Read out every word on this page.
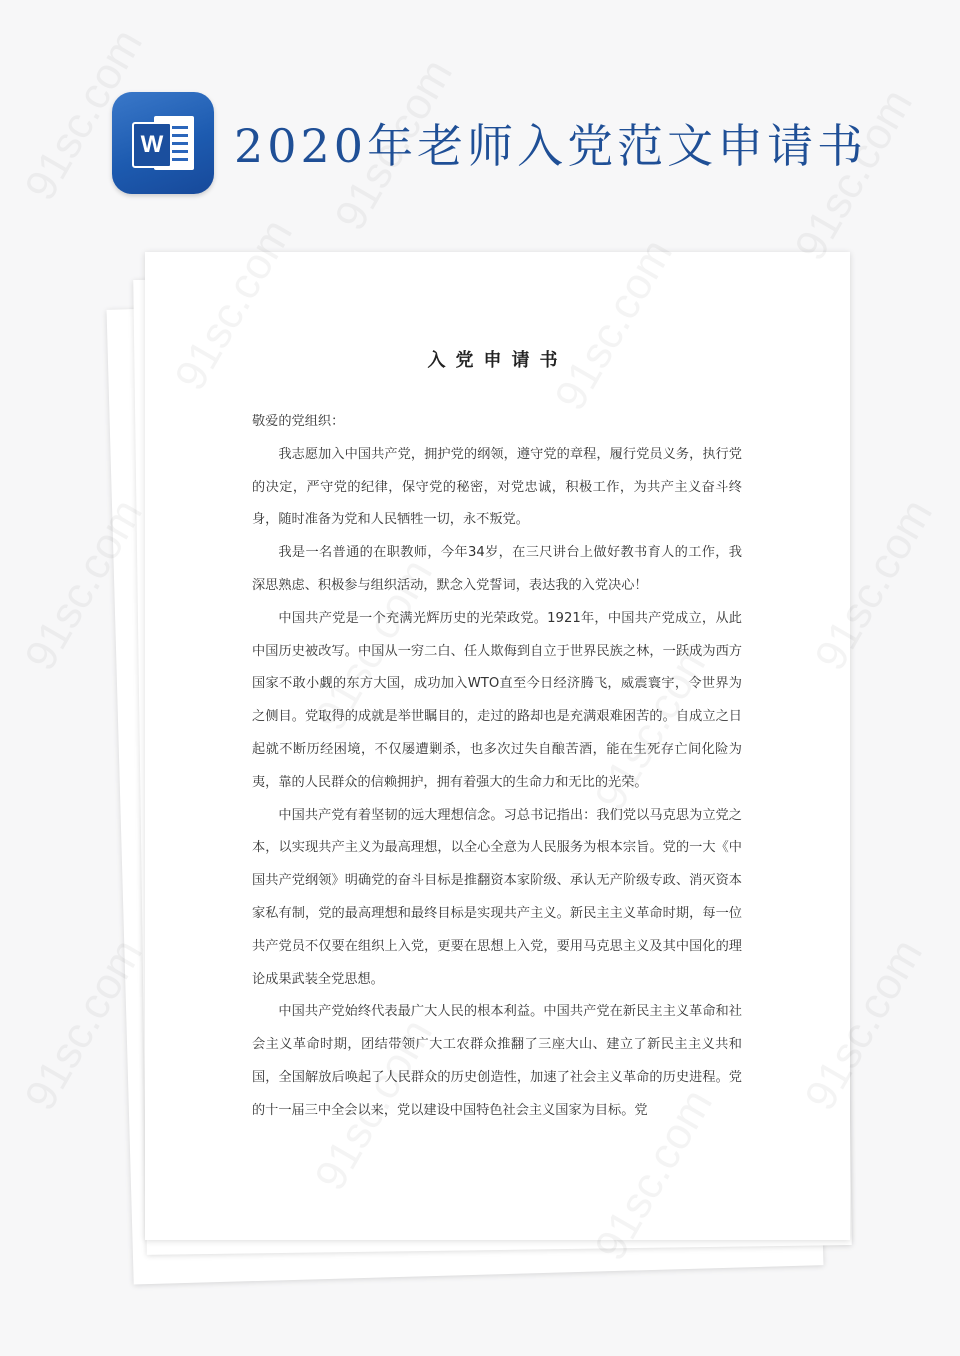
W 2020年老师入党范文申请书
入党申请书

敬爱的党组织：

我志愿加入中国共产党，拥护党的纲领，遵守党的章程，履行党员义务，执行党的决定，严守党的纪律，保守党的秘密，对党忠诚，积极工作，为共产主义奋斗终身，随时准备为党和人民牺牲一切，永不叛党。

我是一名普通的在职教师，今年34岁，在三尺讲台上做好教书育人的工作，我深思熟虑、积极参与组织活动，默念入党誓词，表达我的入党决心！

中国共产党是一个充满光辉历史的光荣政党。1921年，中国共产党成立，从此中国历史被改写。中国从一穷二白、任人欺侮到自立于世界民族之林，一跃成为西方国家不敢小觑的东方大国，成功加入WTO直至今日经济腾飞，威震寰宇，令世界为之侧目。党取得的成就是举世瞩目的，走过的路却也是充满艰难困苦的。自成立之日起就不断历经困境，不仅屡遭剿杀，也多次过失自酿苦酒，能在生死存亡间化险为夷，靠的人民群众的信赖拥护，拥有着强大的生命力和无比的光荣。

中国共产党有着坚韧的远大理想信念。习总书记指出：我们党以马克思为立党之本，以实现共产主义为最高理想，以全心全意为人民服务为根本宗旨。党的一大《中国共产党纲领》明确党的奋斗目标是推翻资本家阶级、承认无产阶级专政、消灭资本家私有制，党的最高理想和最终目标是实现共产主义。新民主主义革命时期，每一位共产党员不仅要在组织上入党，更要在思想上入党，要用马克思主义及其中国化的理论成果武装全党思想。

中国共产党始终代表最广大人民的根本利益。中国共产党在新民主主义革命和社会主义革命时期，团结带领广大工农群众推翻了三座大山、建立了新民主主义共和国，全国解放后唤起了人民群众的历史创造性，加速了社会主义革命的历史进程。党的十一届三中全会以来，党以建设中国特色社会主义国家为目标。党
